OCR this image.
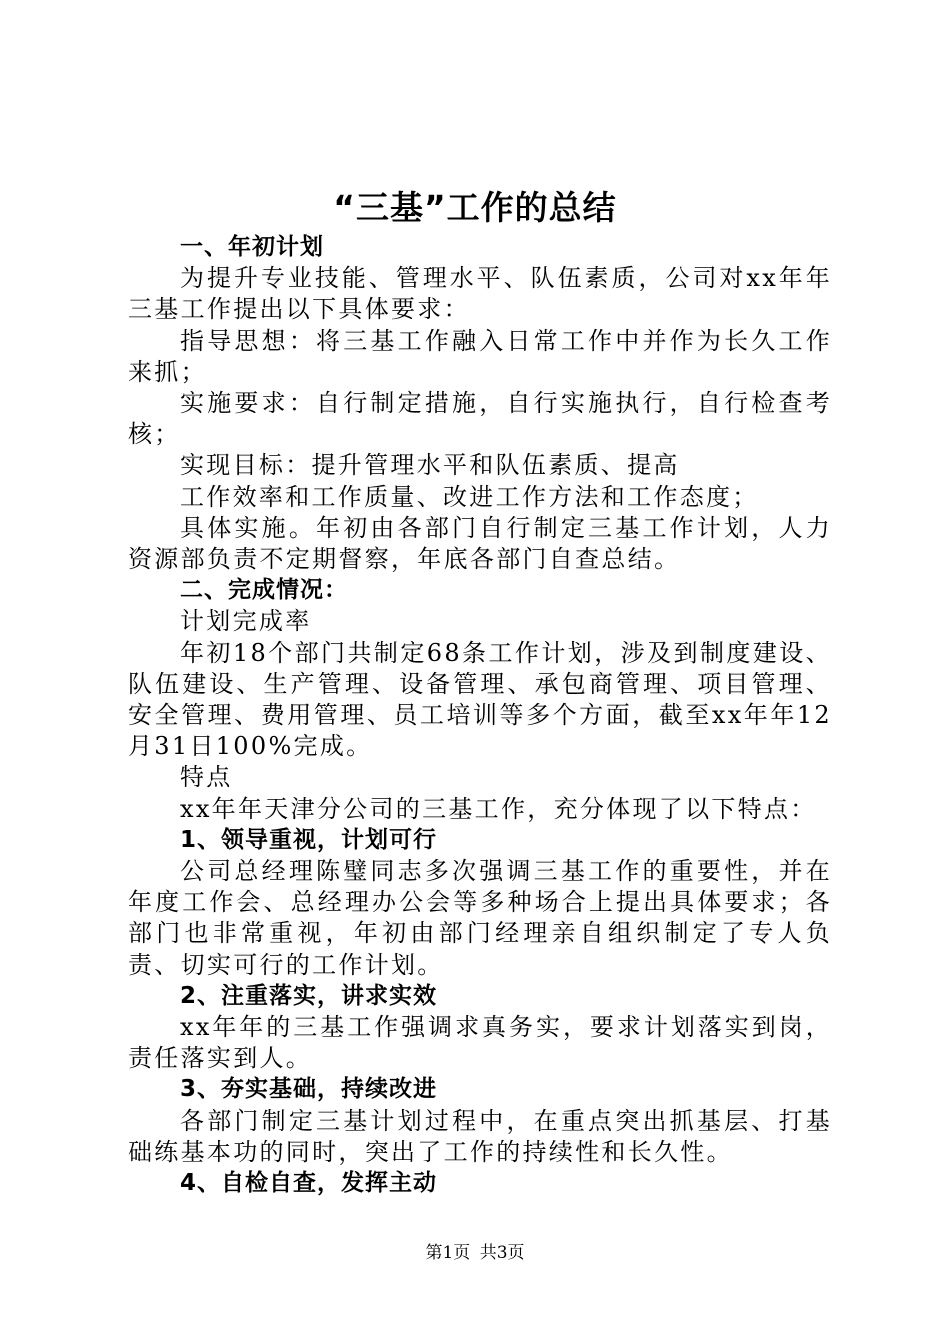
“三基”工作的总结

一、年初计划

为提升专业技能、管理水平、队伍素质，公司对xx年年三基工作提出以下具体要求：

指导思想：将三基工作融入日常工作中并作为长久工作来抓；

实施要求：自行制定措施，自行实施执行，自行检查考核；

实现目标：提升管理水平和队伍素质、提高

工作效率和工作质量、改进工作方法和工作态度；

具体实施。年初由各部门自行制定三基工作计划，人力资源部负责不定期督察，年底各部门自查总结。

二、完成情况：

计划完成率

年初18个部门共制定68条工作计划，涉及到制度建设、队伍建设、生产管理、设备管理、承包商管理、项目管理、安全管理、费用管理、员工培训等多个方面，截至xx年年12月31日100%完成。

特点

xx年年天津分公司的三基工作，充分体现了以下特点：

1、领导重视，计划可行

公司总经理陈璧同志多次强调三基工作的重要性，并在年度工作会、总经理办公会等多种场合上提出具体要求；各部门也非常重视，年初由部门经理亲自组织制定了专人负责、切实可行的工作计划。

2、注重落实，讲求实效

xx年年的三基工作强调求真务实，要求计划落实到岗，责任落实到人。

3、夯实基础，持续改进

各部门制定三基计划过程中，在重点突出抓基层、打基础练基本功的同时，突出了工作的持续性和长久性。

4、自检自查，发挥主动

第1页 共3页
